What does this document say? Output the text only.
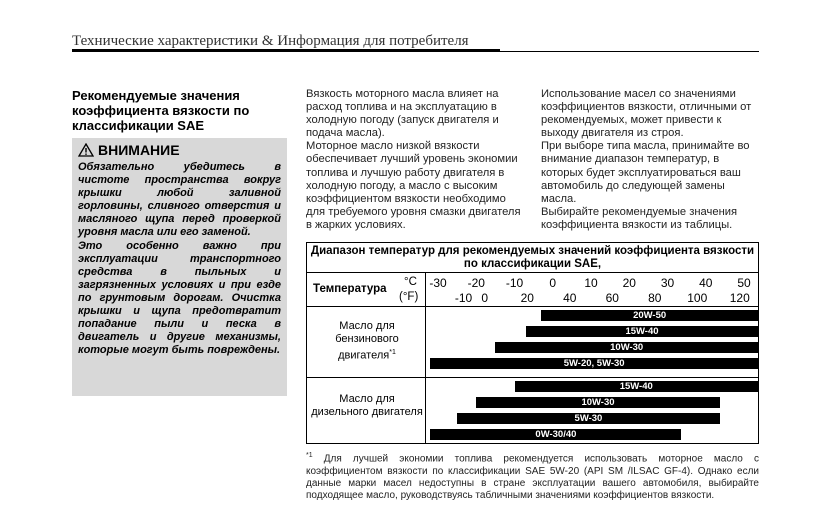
Технические характеристики & Информация для потребителя

Рекомендуемые значения коэффициента вязкости по классификации SAE

ВНИМАНИЕ

Обязательно убедитесь в чистоте пространства вокруг крышки любой заливной горловины, сливного отверстия и масляного щупа перед проверкой уровня масла или его заменой.

Это особенно важно при эксплуатации транспортного средства в пыльных и загрязненных условиях и при езде по грунтовым дорогам. Очистка крышки и щупа предотвратит попадание пыли и песка в двигатель и другие механизмы, которые могут быть повреждены.

Вязкость моторного масла влияет на расход топлива и на эксплуатацию в холодную погоду (запуск двигателя и подача масла).

Моторное масло низкой вязкости обеспечивает лучший уровень экономии топлива и лучшую работу двигателя в холодную погоду, а масло с высоким коэффициентом вязкости необходимо для требуемого уровня смазки двигателя в жарких условиях.

Использование масел со значениями коэффициентов вязкости, отличными от рекомендуемых, может привести к выходу двигателя из строя.

При выборе типа масла, принимайте во внимание диапазон температур, в которых будет эксплуатироваться ваш автомобиль до следующей замены масла.

Выбирайте рекомендуемые значения коэффициента вязкости из таблицы.

Диапазон температур для рекомендуемых значений коэффициента вязкости по классификации SAE,
Температура
°C
(°F)
Масло для бензинового двигателя$^{*1}$
Масло для дизельного двигателя
-30 -20 -10 0 10 20 30 40 50
-10 0	20 40 60 80 100 120
20W-50
15W-40
10W-30
5W-20, 5W-30
15W-40
10W-30
5W-30
0W-30/40
$^{*1}$ Для лучшей экономии топлива рекомендуется использовать моторное масло с коэффициентом вязкости по классификации SAE 5W-20 (API SM /ILSAC GF-4). Однако если данные марки масел недоступны в стране эксплуатации вашего автомобиля, выбирайте подходящее масло, руководствуясь табличными значениями коэффициентов вязкости.
